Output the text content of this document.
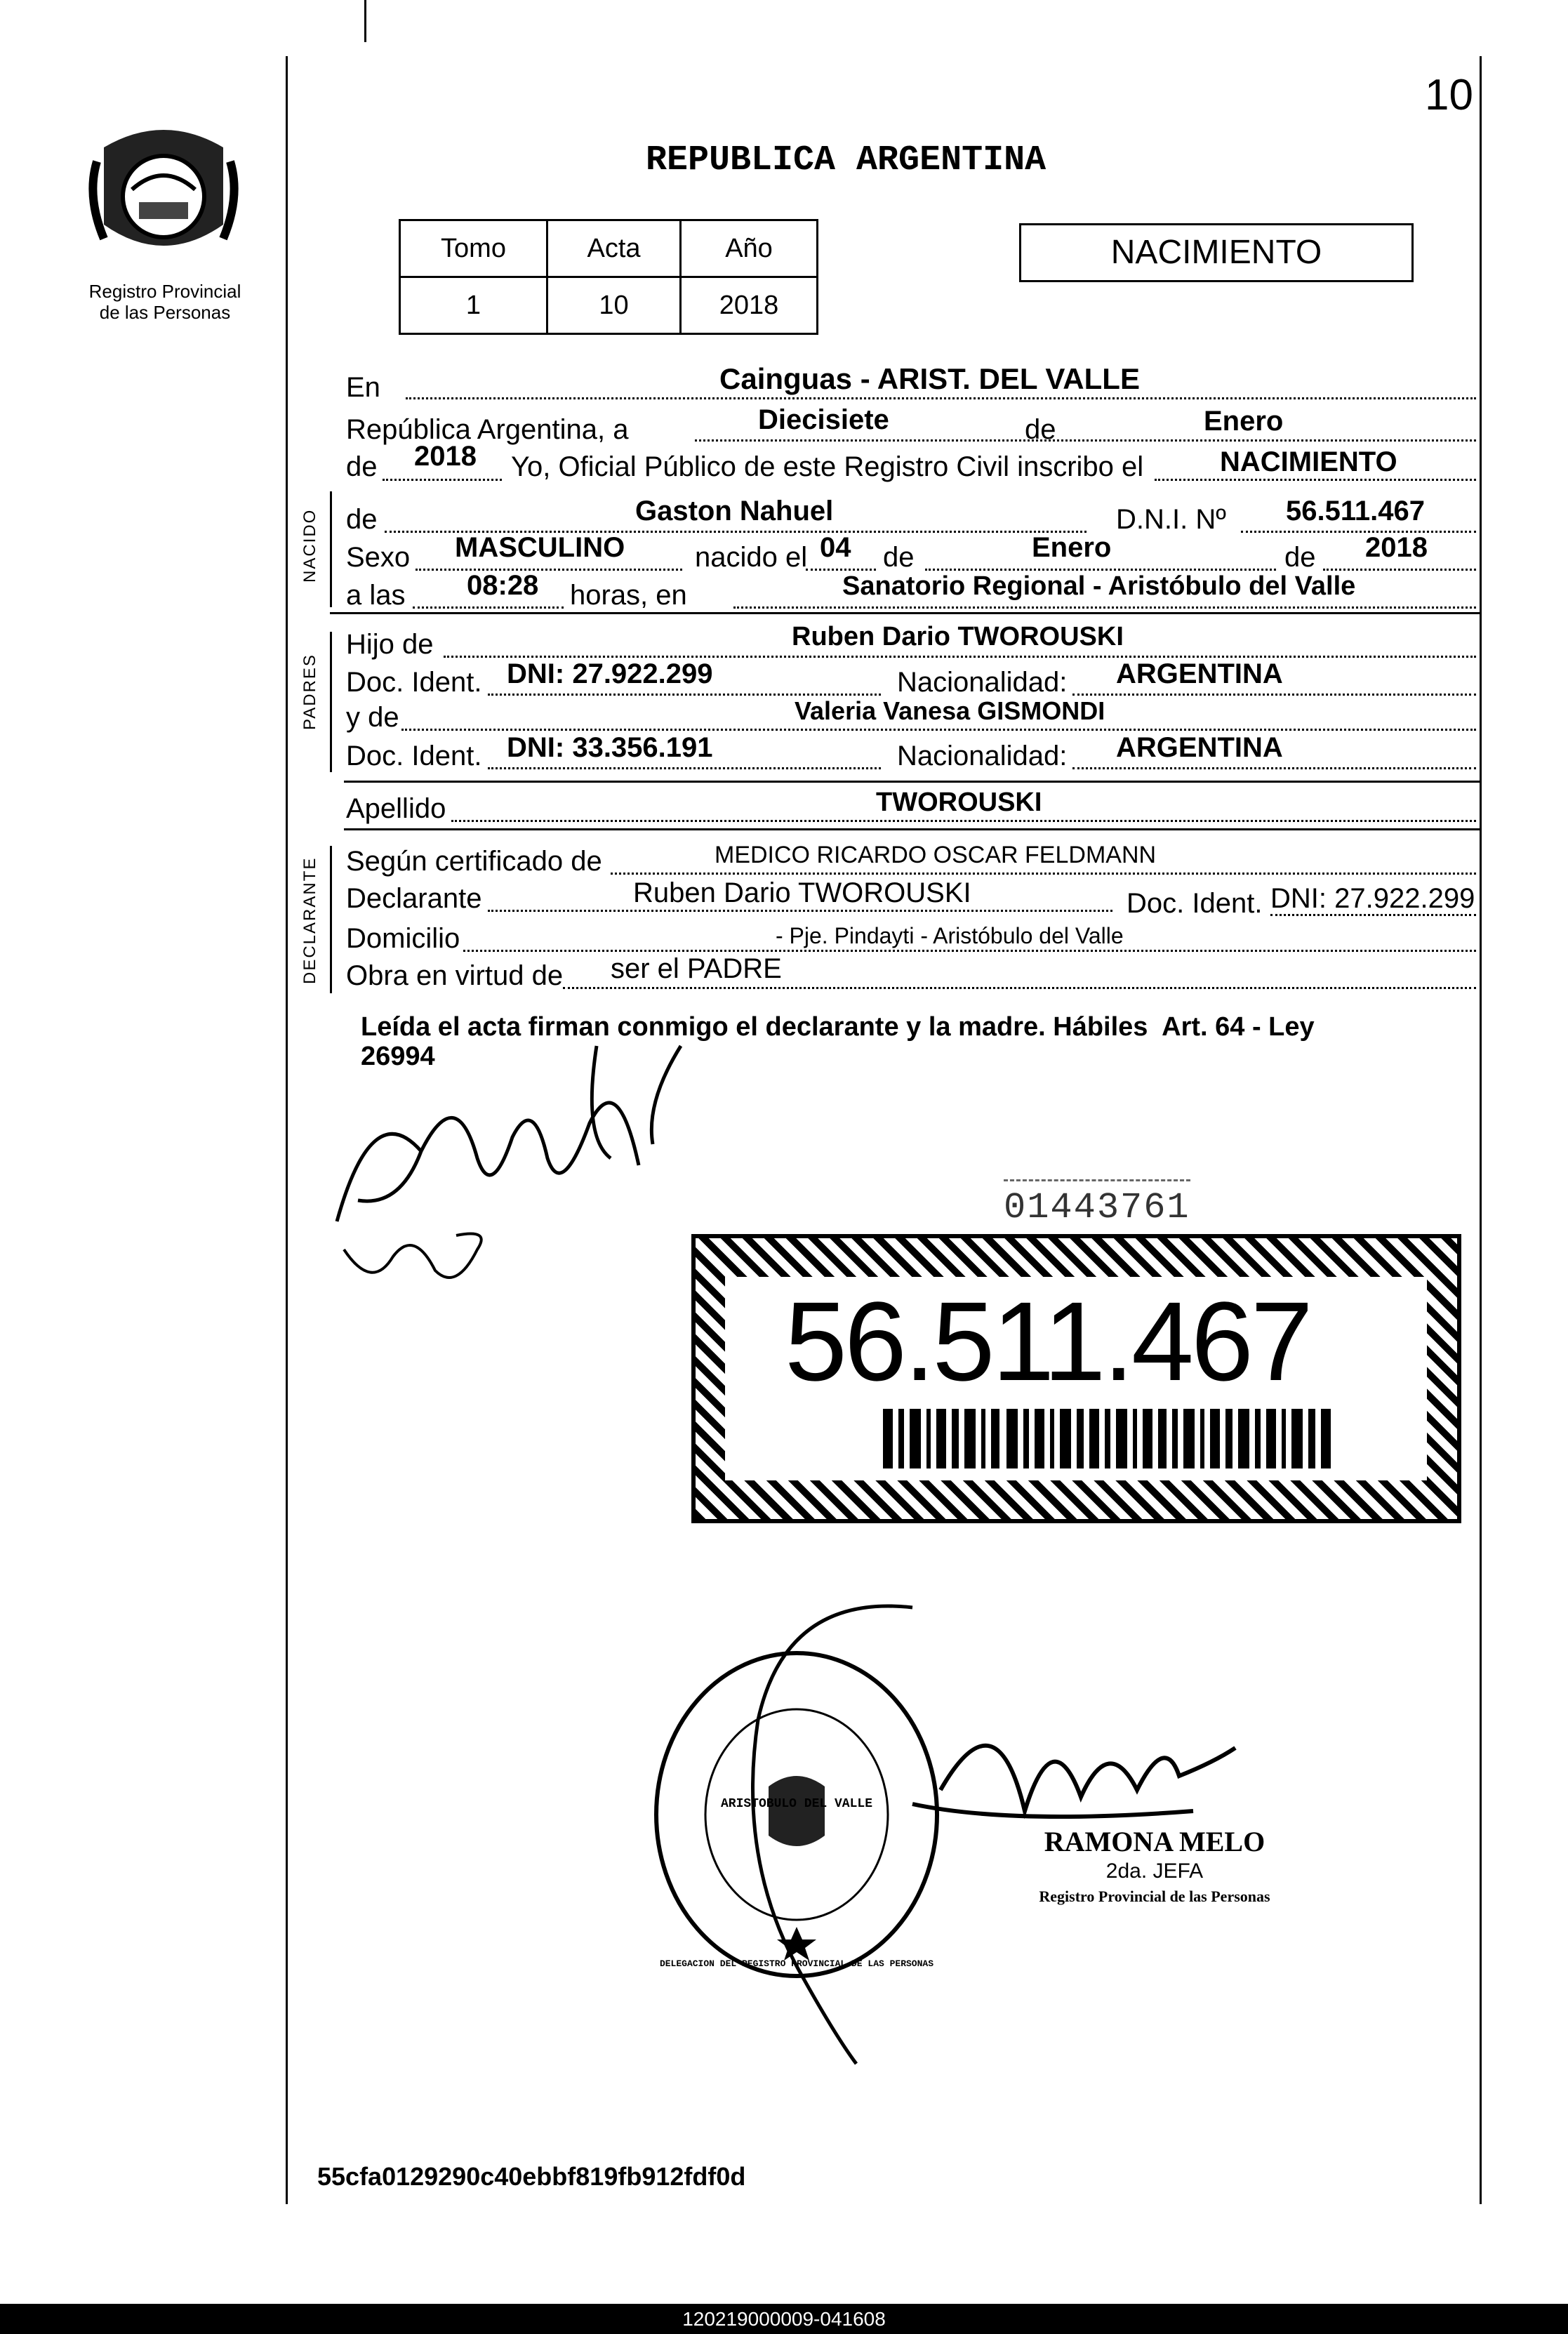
10
Registro Provincial
de las Personas
REPUBLICA ARGENTINA
Tomo	Acta	Año
1	10	2018
NACIMIENTO
En	Cainguas - ARIST. DEL VALLE
República Argentina, a	Diecisiete	de	Enero
de 2018 Yo, Oficial Público de este Registro Civil inscribo el	NACIMIENTO
NACIDO de	Gaston Nahuel	D.N.I. Nº 56.511.467
Sexo MASCULINO nacido el 04 de	Enero	de 2018
a las 08:28 horas, en	Sanatorio Regional - Aristóbulo del Valle
PADRES
Hijo de	Ruben Dario TWOROUSKI
Doc. Ident. DNI: 27.922.299	Nacionalidad: ARGENTINA
y de	Valeria Vanesa GISMONDI
Doc. Ident. DNI: 33.356.191	Nacionalidad: ARGENTINA
Apellido	TWOROUSKI
DECLARANTE Según certificado de	MEDICO RICARDO OSCAR FELDMANN
Declarante	Ruben Dario TWOROUSKI	Doc. Ident. DNI: 27.922.299
Domicilio	- Pje. Pindayti - Aristóbulo del Valle
Obra en virtud de ser el PADRE
Leída el acta firman conmigo el declarante y la madre. Hábiles  Art. 64 - Ley
26994
01443761
56.511.467
DELEGACION DEL REGISTRO PROVINCIAL DE LAS PERSONAS
ARISTOBULO DEL VALLE
RAMONA MELO
2da. JEFA
Registro Provincial de las Personas
55cfa0129290c40ebbf819fb912fdf0d
120219000009-041608
